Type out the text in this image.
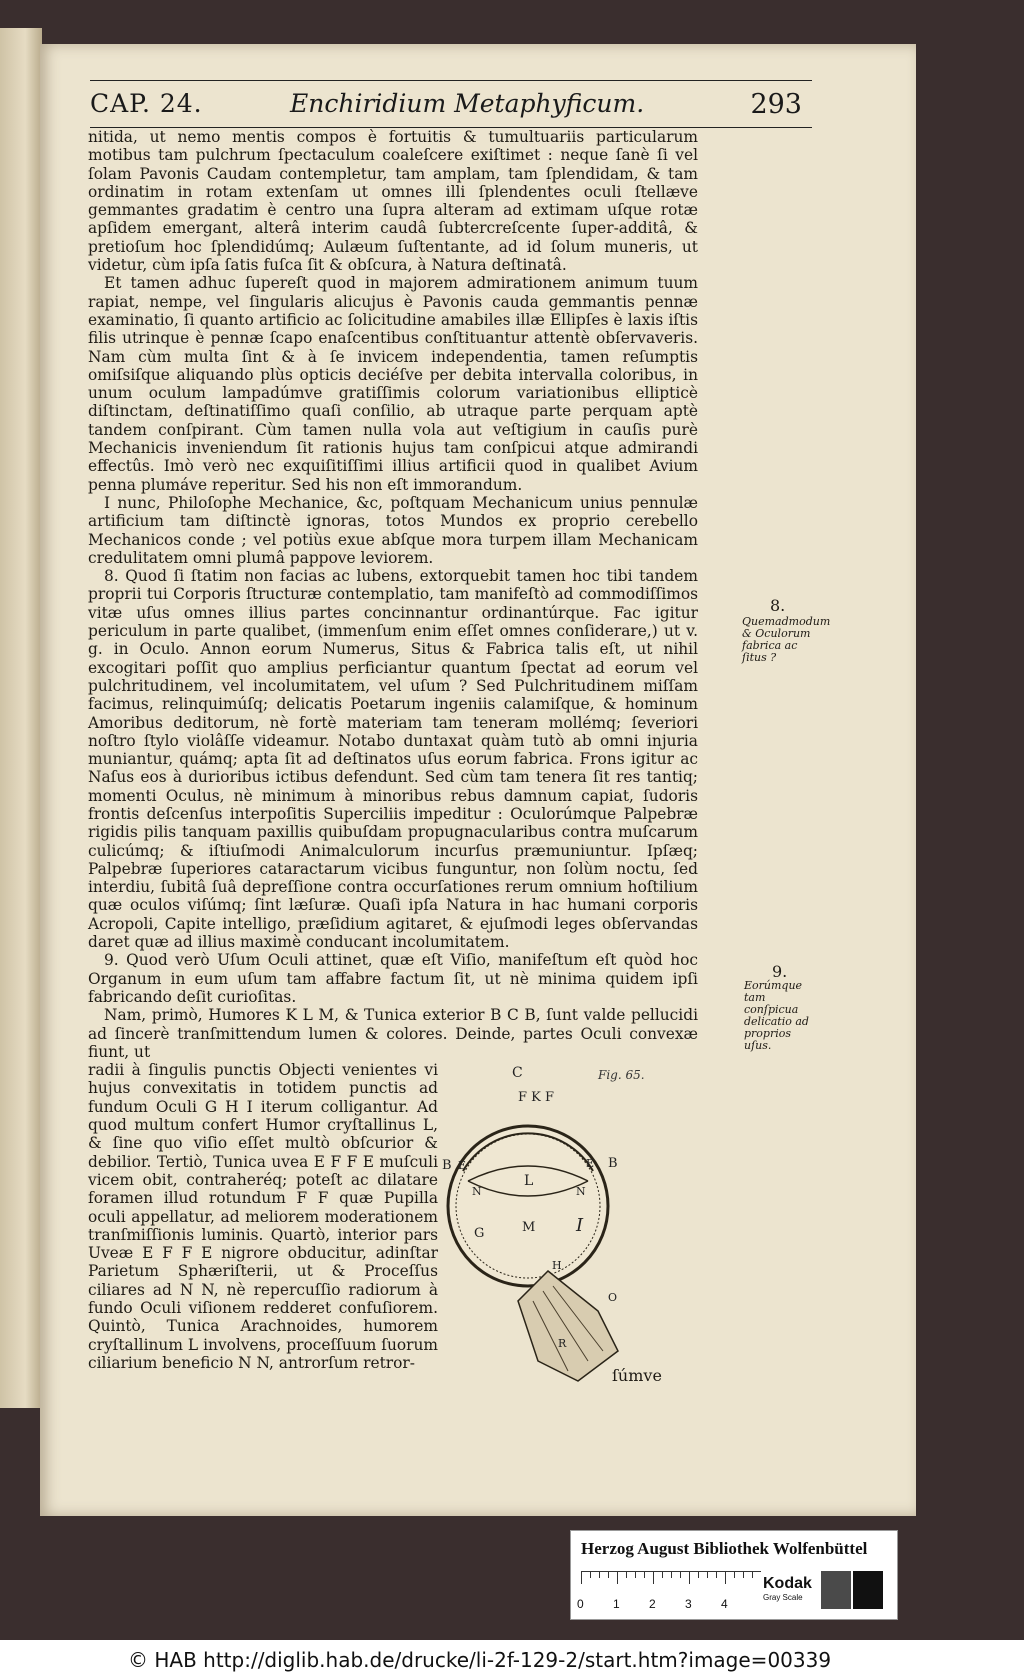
CAP. 24.	Enchiridium Metaphyficum.	293

nitida, ut nemo mentis compos è fortuitis & tumultuariis particularum motibus tam pulchrum ſpectaculum coaleſcere exiſtimet : neque ſanè ſi vel ſolam Pavonis Caudam contempletur, tam amplam, tam ſplendidam, & tam ordinatim in rotam extenſam ut omnes illi ſplendentes oculi ſtellæve gemmantes gradatim è centro una ſupra alteram ad extimam uſque rotæ apſidem emergant, alterâ interim caudâ ſubtercreſcente ſuper-additâ, & pretioſum hoc ſplendidúmq; Aulæum ſuſtentante, ad id ſolum muneris, ut videtur, cùm ipſa ſatis fuſca ſit & obſcura, à Natura deſtinatâ.

Et tamen adhuc ſupereſt quod in majorem admirationem animum tuum rapiat, nempe, vel ſingularis alicujus è Pavonis cauda gemmantis pennæ examinatio, ſi quanto artificio ac ſolicitudine amabiles illæ Ellipſes è laxis iſtis filis utrinque è pennæ ſcapo enaſcentibus conſtituantur attentè obſervaveris. Nam cùm multa ſint & à ſe invicem independentia, tamen reſumptis omiſsiſque aliquando plùs opticis deciéſve per debita intervalla coloribus, in unum oculum lampadúmve gratiſſimis colorum variationibus ellipticè diſtinctam, deſtinatiſſimo quaſi conſilio, ab utraque parte perquam aptè tandem conſpirant. Cùm tamen nulla vola aut veſtigium in cauſis purè Mechanicis inveniendum ſit rationis hujus tam conſpicui atque admirandi effectûs. Imò verò nec exquiſitiſſimi illius artificii quod in qualibet Avium penna plumáve reperitur. Sed his non eſt immorandum.

I nunc, Philoſophe Mechanice, &c, poſtquam Mechanicum unius pennulæ artificium tam diſtinctè ignoras, totos Mundos ex proprio cerebello Mechanicos conde ; vel potiùs exue abſque mora turpem illam Mechanicam credulitatem omni plumâ pappove leviorem.

8. Quod ſi ſtatim non facias ac lubens, extorquebit tamen hoc tibi tandem proprii tui Corporis ſtructuræ contemplatio, tam manifeſtò ad commodiſſimos vitæ uſus omnes illius partes concinnantur ordinantúrque. Fac igitur periculum in parte qualibet, (immenſum enim eſſet omnes conſiderare,) ut v. g. in Oculo. Annon eorum Numerus, Situs & Fabrica talis eſt, ut nihil excogitari poſſit quo amplius perficiantur quantum ſpectat ad eorum vel pulchritudinem, vel incolumitatem, vel uſum ? Sed Pulchritudinem miſſam facimus, relinquimúſq; delicatis Poetarum ingeniis calamiſque, & hominum Amoribus deditorum, nè fortè materiam tam teneram mollémq; ſeveriori noſtro ſtylo violâſſe videamur. Notabo duntaxat quàm tutò ab omni injuria muniantur, quámq; apta ſit ad deſtinatos uſus eorum fabrica. Frons igitur ac Naſus eos à durioribus ictibus defendunt. Sed cùm tam tenera ſit res tantiq; momenti Oculus, nè minimum à minoribus rebus damnum capiat, ſudoris frontis deſcenſus interpoſitis Superciliis impeditur : Oculorúmque Palpebræ rigidis pilis tanquam paxillis quibuſdam propugnacularibus contra muſcarum culicúmq; & iſtiuſmodi Animalculorum incurſus præmuniuntur. Ipſæq; Palpebræ ſuperiores cataractarum vicibus funguntur, non ſolùm noctu, ſed interdiu, ſubitâ ſuâ depreſſione contra occurſationes rerum omnium hoſtilium quæ oculos viſúmq; ſint læſuræ. Quaſi ipſa Natura in hac humani corporis Acropoli, Capite intelligo, præſidium agitaret, & ejuſmodi leges obſervandas daret quæ ad illius maximè conducant incolumitatem.

9. Quod verò Uſum Oculi attinet, quæ eſt Viſio, manifeſtum eſt quòd hoc Organum in eum uſum tam affabre factum ſit, ut nè minima quidem ipſi fabricando deſit curioſitas.

Nam, primò, Humores K L M, & Tunica exterior B C B, ſunt valde pellucidi ad ſincerè tranſmittendum lumen & colores. Deinde, partes Oculi convexæ fiunt, ut

radii à ſingulis punctis Objecti venientes vi hujus convexitatis in totidem punctis ad fundum Oculi G H I iterum colligantur. Ad quod multum confert Humor cryſtallinus L, & ſine quo viſio eſſet multò obſcurior & debilior. Tertiò, Tunica uvea E F F E muſculi vicem obit, contraheréq; poteſt ac dilatare foramen illud rotundum F F quæ Pupilla oculi appellatur, ad meliorem moderationem tranſmiſſionis luminis. Quartò, interior pars Uveæ E F F E nigrore obducitur, adinſtar Parietum Sphæriſterii, ut & Proceſſus ciliares ad N N, nè repercuſſio radiorum à fundo Oculi viſionem redderet confuſiorem. Quintò, Tunica Arachnoides, humorem cryſtallinum L involvens, proceſſuum ſuorum ciliarium beneficio N N, antrorſum retror-
Fig. 65.
C
F K F
B	B
E	E
L
N	N
G	M I
H
O
R
8.
Quemadmodum & Oculorum fabrica ac ſitus ?
9.
Eorúmque tam conſpicua delicatio ad proprios uſus.
ſúmve
Herzog August Bibliothek Wolfenbüttel
0 1 2 3 4
Kodak
Gray Scale
© HAB http://diglib.hab.de/drucke/li-2f-129-2/start.htm?image=00339
